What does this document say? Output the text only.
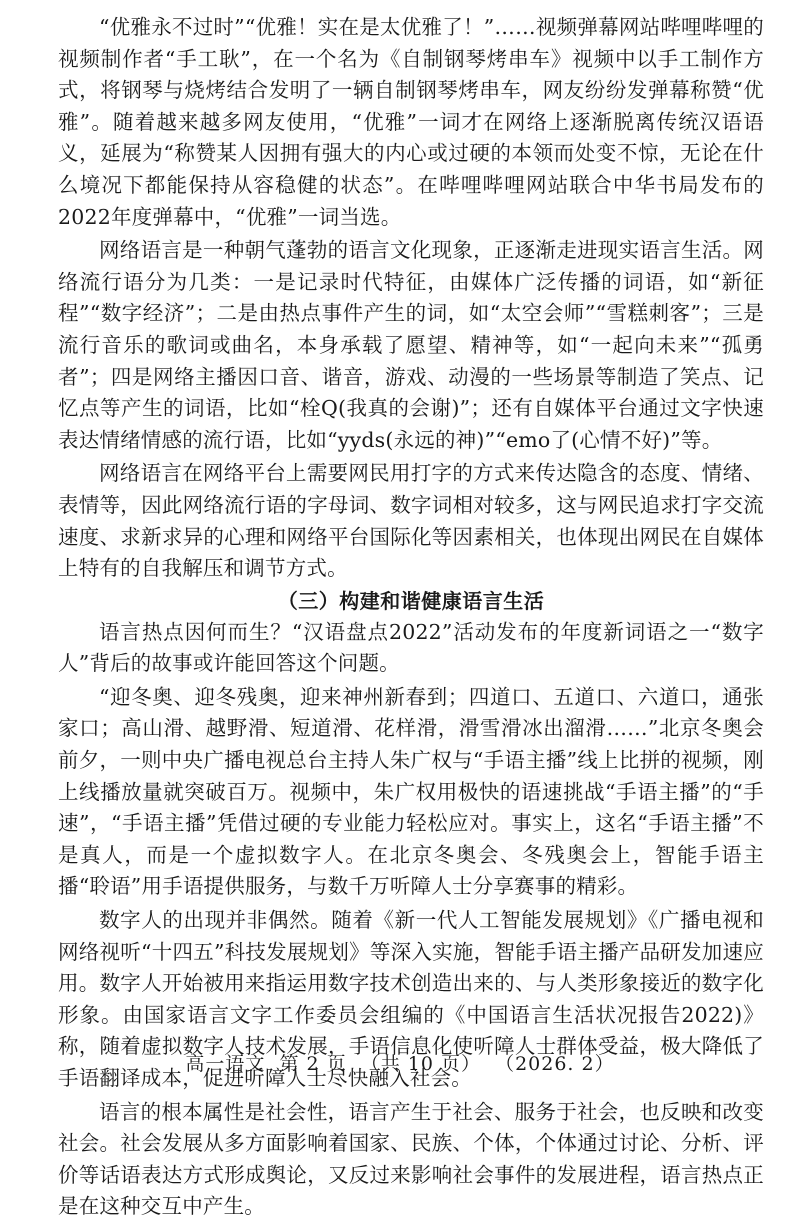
“优雅永不过时”“优雅！实在是太优雅了！”……视频弹幕网站哔哩哔哩的视频制作者“手工耿”，在一个名为《自制钢琴烤串车》视频中以手工制作方式，将钢琴与烧烤结合发明了一辆自制钢琴烤串车，网友纷纷发弹幕称赞“优雅”。随着越来越多网友使用，“优雅”一词才在网络上逐渐脱离传统汉语语义，延展为“称赞某人因拥有强大的内心或过硬的本领而处变不惊，无论在什么境况下都能保持从容稳健的状态”。在哔哩哔哩网站联合中华书局发布的2022年度弹幕中，“优雅”一词当选。

网络语言是一种朝气蓬勃的语言文化现象，正逐渐走进现实语言生活。网络流行语分为几类：一是记录时代特征，由媒体广泛传播的词语，如“新征程”“数字经济”；二是由热点事件产生的词，如“太空会师”“雪糕刺客”；三是流行音乐的歌词或曲名，本身承载了愿望、精神等，如“一起向未来”“孤勇者”；四是网络主播因口音、谐音，游戏、动漫的一些场景等制造了笑点、记忆点等产生的词语，比如“栓Q(我真的会谢)”；还有自媒体平台通过文字快速表达情绪情感的流行语，比如“yyds(永远的神)”“emo了(心情不好)”等。

网络语言在网络平台上需要网民用打字的方式来传达隐含的态度、情绪、表情等，因此网络流行语的字母词、数字词相对较多，这与网民追求打字交流速度、求新求异的心理和网络平台国际化等因素相关，也体现出网民在自媒体上特有的自我解压和调节方式。

（三）构建和谐健康语言生活

语言热点因何而生？“汉语盘点2022”活动发布的年度新词语之一“数字人”背后的故事或许能回答这个问题。

“迎冬奥、迎冬残奥，迎来神州新春到；四道口、五道口、六道口，通张家口；高山滑、越野滑、短道滑、花样滑，滑雪滑冰出溜滑……”北京冬奥会前夕，一则中央广播电视总台主持人朱广权与“手语主播”线上比拼的视频，刚上线播放量就突破百万。视频中，朱广权用极快的语速挑战“手语主播”的“手速”，“手语主播”凭借过硬的专业能力轻松应对。事实上，这名“手语主播”不是真人，而是一个虚拟数字人。在北京冬奥会、冬残奥会上，智能手语主播“聆语”用手语提供服务，与数千万听障人士分享赛事的精彩。

数字人的出现并非偶然。随着《新一代人工智能发展规划》《广播电视和网络视听“十四五”科技发展规划》等深入实施，智能手语主播产品研发加速应用。数字人开始被用来指运用数字技术创造出来的、与人类形象接近的数字化形象。由国家语言文字工作委员会组编的《中国语言生活状况报告2022)》称，随着虚拟数字人技术发展，手语信息化使听障人士群体受益，极大降低了手语翻译成本，促进听障人士尽快融入社会。

语言的根本属性是社会性，语言产生于社会、服务于社会，也反映和改变社会。社会发展从多方面影响着国家、民族、个体，个体通过讨论、分析、评价等话语表达方式形成舆论，又反过来影响社会事件的发展进程，语言热点正是在这种交互中产生。

高一语文  第 2 页  （共 10 页）  （2026. 2）
